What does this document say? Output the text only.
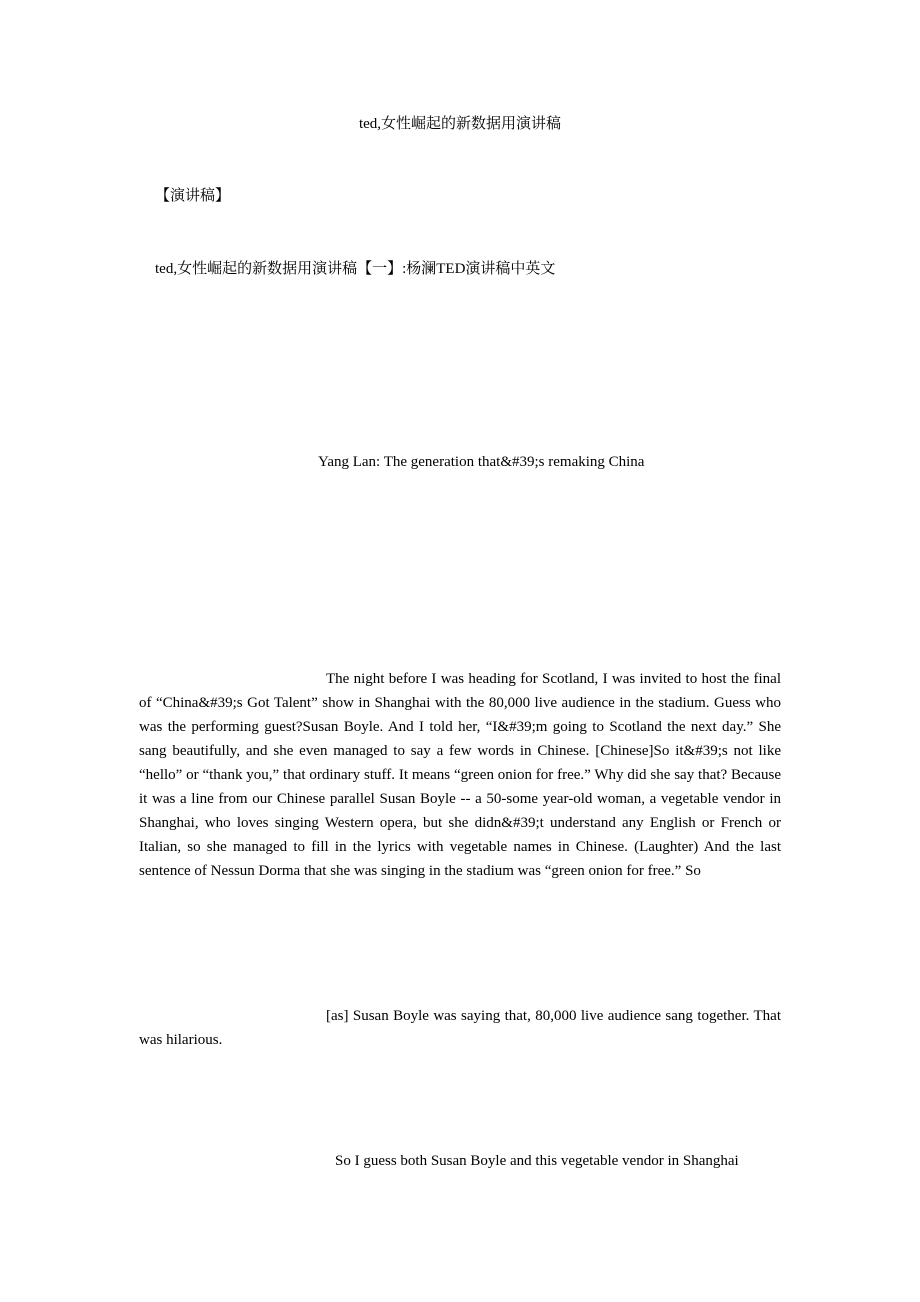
ted,女性崛起的新数据用演讲稿
【演讲稿】
ted,女性崛起的新数据用演讲稿【一】:杨澜TED演讲稿中英文
Yang Lan: The generation that&#39;s remaking China

The night before I was heading for Scotland, I was invited to host the final of “China&#39;s Got Talent” show in Shanghai with the 80,000 live audience in the stadium. Guess who was the performing guest?Susan Boyle. And I told her, “I&#39;m going to Scotland the next day.” She sang beautifully, and she even managed to say a few words in Chinese. [Chinese]So it&#39;s not like “hello” or “thank you,” that ordinary stuff. It means “green onion for free.” Why did she say that? Because it was a line from our Chinese parallel Susan Boyle -- a 50-some year-old woman, a vegetable vendor in Shanghai, who loves singing Western opera, but she didn&#39;t understand any English or French or Italian, so she managed to fill in the lyrics with vegetable names in Chinese. (Laughter) And the last sentence of Nessun Dorma that she was singing in the stadium was “green onion for free.” So

[as] Susan Boyle was saying that, 80,000 live audience sang together. That was hilarious.

So I guess both Susan Boyle and this vegetable vendor in Shanghai
